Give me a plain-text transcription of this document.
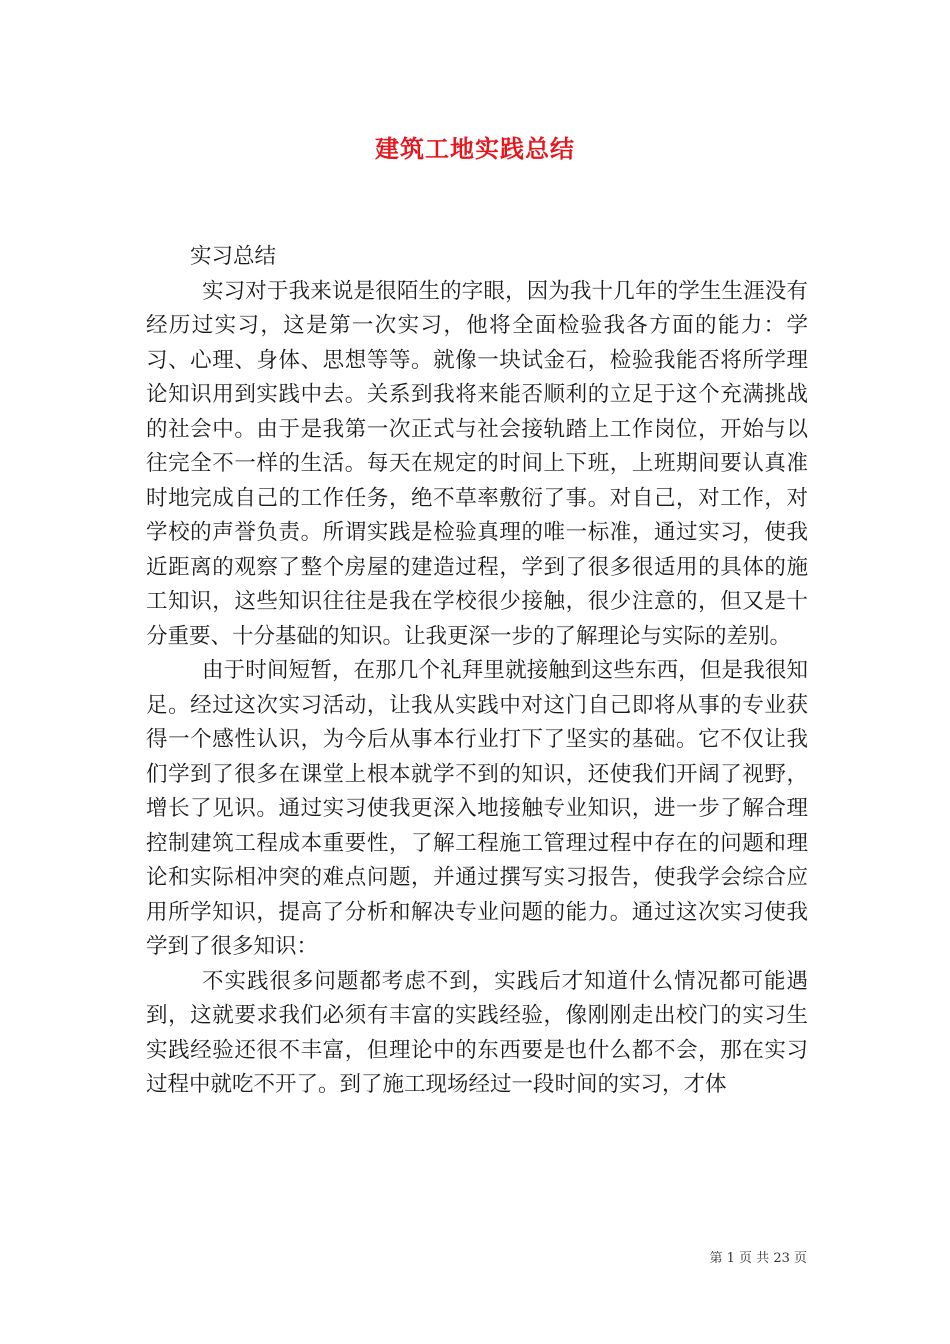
建筑工地实践总结

实习总结

实习对于我来说是很陌生的字眼，因为我十几年的学生生涯没有经历过实习，这是第一次实习，他将全面检验我各方面的能力：学习、心理、身体、思想等等。就像一块试金石，检验我能否将所学理论知识用到实践中去。关系到我将来能否顺利的立足于这个充满挑战的社会中。由于是我第一次正式与社会接轨踏上工作岗位，开始与以往完全不一样的生活。每天在规定的时间上下班，上班期间要认真准时地完成自己的工作任务，绝不草率敷衍了事。对自己，对工作，对学校的声誉负责。所谓实践是检验真理的唯一标准，通过实习，使我近距离的观察了整个房屋的建造过程，学到了很多很适用的具体的施工知识，这些知识往往是我在学校很少接触，很少注意的，但又是十分重要、十分基础的知识。让我更深一步的了解理论与实际的差别。

由于时间短暂，在那几个礼拜里就接触到这些东西，但是我很知足。经过这次实习活动，让我从实践中对这门自己即将从事的专业获得一个感性认识，为今后从事本行业打下了坚实的基础。它不仅让我们学到了很多在课堂上根本就学不到的知识，还使我们开阔了视野，增长了见识。通过实习使我更深入地接触专业知识，进一步了解合理控制建筑工程成本重要性，了解工程施工管理过程中存在的问题和理论和实际相冲突的难点问题，并通过撰写实习报告，使我学会综合应用所学知识，提高了分析和解决专业问题的能力。通过这次实习使我学到了很多知识：

不实践很多问题都考虑不到，实践后才知道什么情况都可能遇到，这就要求我们必须有丰富的实践经验，像刚刚走出校门的实习生实践经验还很不丰富，但理论中的东西要是也什么都不会，那在实习过程中就吃不开了。到了施工现场经过一段时间的实习，才体

第 1 页 共 23 页
